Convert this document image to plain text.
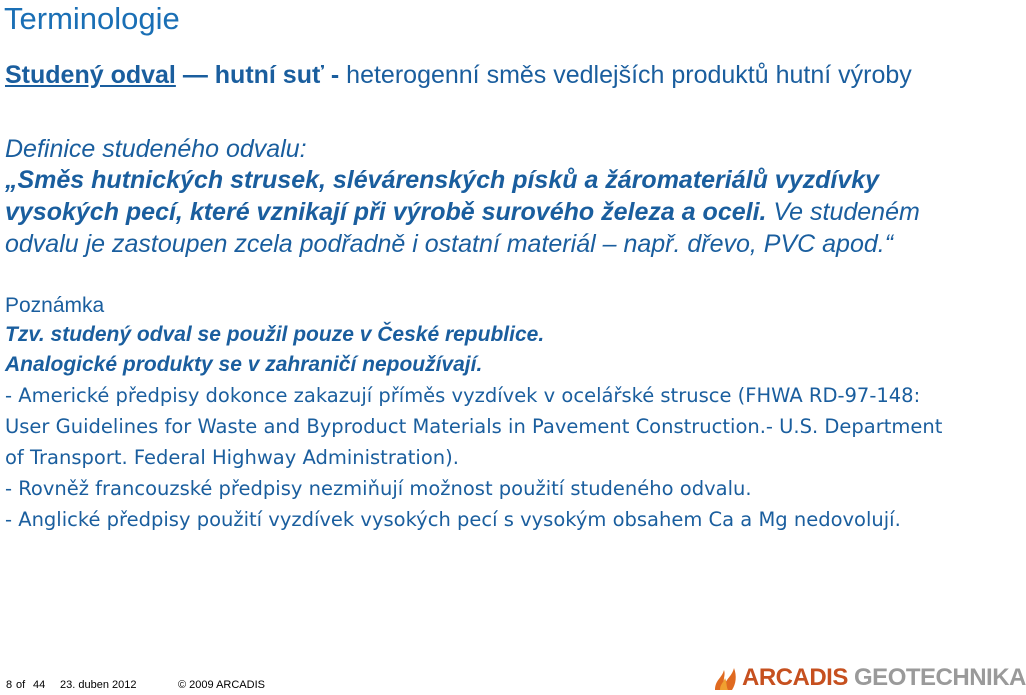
Terminologie

Studený odval — hutní suť - heterogenní směs vedlejších produktů hutní výroby

Definice studeného odvalu:

„Směs hutnických strusek, slévárenských písků a žáromateriálů vyzdívky vysokých pecí, které vznikají při výrobě surového železa a oceli. Ve studeném odvalu je zastoupen zcela podřadně i ostatní materiál – např. dřevo, PVC apod.“

Poznámka

Tzv. studený odval se použil pouze v České republice.

Analogické produkty se v zahraničí nepoužívají.

- Americké předpisy dokonce zakazují příměs vyzdívek v ocelářské strusce (FHWA RD-97-148: User Guidelines for Waste and Byproduct Materials in Pavement Construction.- U.S. Department of Transport. Federal Highway Administration).

- Rovněž francouzské předpisy nezmiňují možnost použití studeného odvalu.

- Anglické předpisy použití vyzdívek vysokých pecí s vysokým obsahem Ca a Mg nedovolují.

8 of 44 23. duben 2012	© 2009 ARCADIS	ARCADIS GEOTECHNIKA
